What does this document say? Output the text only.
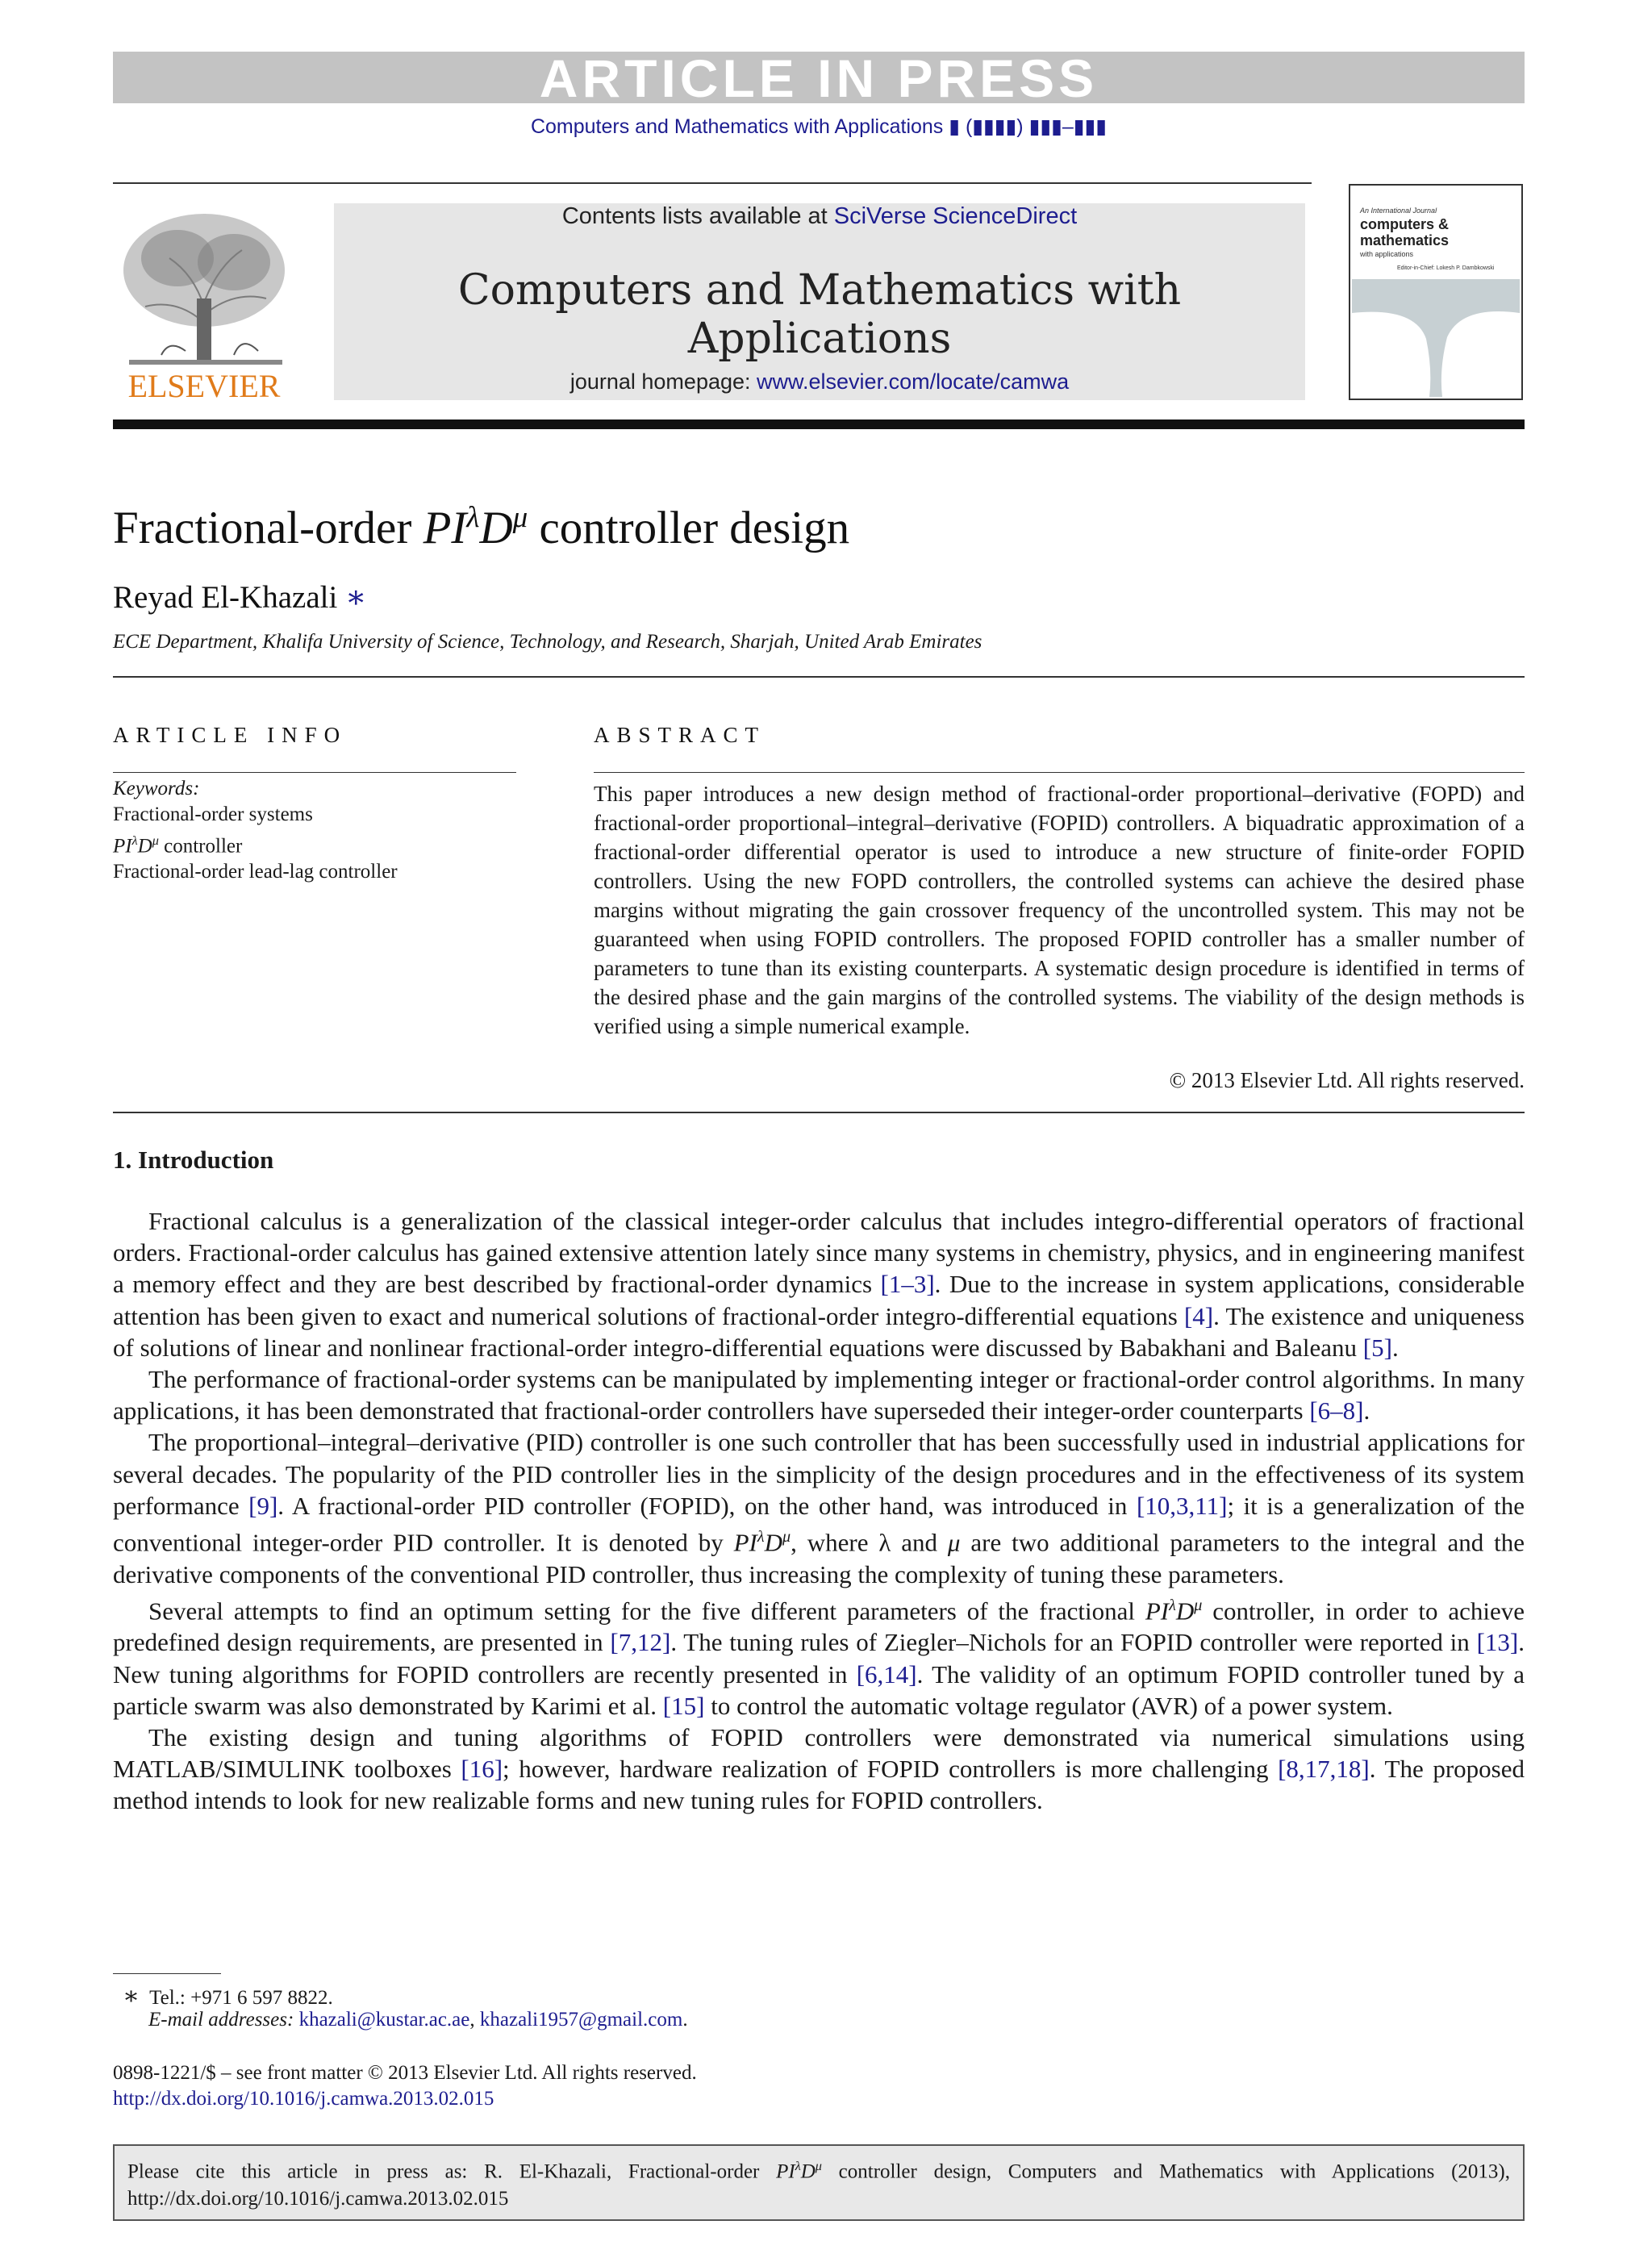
ARTICLE IN PRESS
Computers and Mathematics with Applications ▮ (▮▮▮▮) ▮▮▮–▮▮▮
Contents lists available at SciVerse ScienceDirect
Computers and Mathematics with Applications
journal homepage: www.elsevier.com/locate/camwa
ELSEVIER
An International Journal
computers &
mathematics
with applications
Editor-in-Chief: Lokesh P. Dambkowski
Fractional-order $PI^\lambda D^\mu$ controller design
Reyad El-Khazali ∗
ECE Department, Khalifa University of Science, Technology, and Research, Sharjah, United Arab Emirates
ARTICLE INFO	ABSTRACT
Keywords:
Fractional-order systems
$PI^\lambda D^\mu$ controller
Fractional-order lead-lag controller
This paper introduces a new design method of fractional-order proportional–derivative (FOPD) and fractional-order proportional–integral–derivative (FOPID) controllers. A biquadratic approximation of a fractional-order differential operator is used to introduce a new structure of finite-order FOPID controllers. Using the new FOPD controllers, the controlled systems can achieve the desired phase margins without migrating the gain crossover frequency of the uncontrolled system. This may not be guaranteed when using FOPID controllers. The proposed FOPID controller has a smaller number of parameters to tune than its existing counterparts. A systematic design procedure is identified in terms of the desired phase and the gain margins of the controlled systems. The viability of the design methods is verified using a simple numerical example.
© 2013 Elsevier Ltd. All rights reserved.
1. Introduction

Fractional calculus is a generalization of the classical integer-order calculus that includes integro-differential operators of fractional orders. Fractional-order calculus has gained extensive attention lately since many systems in chemistry, physics, and in engineering manifest a memory effect and they are best described by fractional-order dynamics [1–3]. Due to the increase in system applications, considerable attention has been given to exact and numerical solutions of fractional-order integro-differential equations [4]. The existence and uniqueness of solutions of linear and nonlinear fractional-order integro-differential equations were discussed by Babakhani and Baleanu [5].

The performance of fractional-order systems can be manipulated by implementing integer or fractional-order control algorithms. In many applications, it has been demonstrated that fractional-order controllers have superseded their integer-order counterparts [6–8].

The proportional–integral–derivative (PID) controller is one such controller that has been successfully used in industrial applications for several decades. The popularity of the PID controller lies in the simplicity of the design procedures and in the effectiveness of its system performance [9]. A fractional-order PID controller (FOPID), on the other hand, was introduced in [10,3,11]; it is a generalization of the conventional integer-order PID controller. It is denoted by $PI^\lambda D^\mu$, where λ and μ are two additional parameters to the integral and the derivative components of the conventional PID controller, thus increasing the complexity of tuning these parameters.

Several attempts to find an optimum setting for the five different parameters of the fractional $PI^\lambda D^\mu$ controller, in order to achieve predefined design requirements, are presented in [7,12]. The tuning rules of Ziegler–Nichols for an FOPID controller were reported in [13]. New tuning algorithms for FOPID controllers are recently presented in [6,14]. The validity of an optimum FOPID controller tuned by a particle swarm was also demonstrated by Karimi et al. [15] to control the automatic voltage regulator (AVR) of a power system.

The existing design and tuning algorithms of FOPID controllers were demonstrated via numerical simulations using MATLAB/SIMULINK toolboxes [16]; however, hardware realization of FOPID controllers is more challenging [8,17,18]. The proposed method intends to look for new realizable forms and new tuning rules for FOPID controllers.

∗ Tel.: +971 6 597 8822.
E-mail addresses: khazali@kustar.ac.ae, khazali1957@gmail.com.
0898-1221/$ – see front matter © 2013 Elsevier Ltd. All rights reserved.
http://dx.doi.org/10.1016/j.camwa.2013.02.015
Please cite this article in press as: R. El-Khazali, Fractional-order $PI^\lambda D^\mu$ controller design, Computers and Mathematics with Applications (2013), http://dx.doi.org/10.1016/j.camwa.2013.02.015
